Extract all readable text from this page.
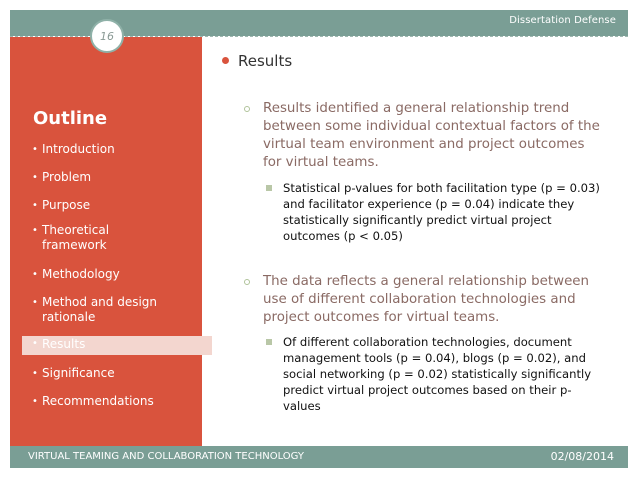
Dissertation Defense
16
Outline
• Introduction
• Problem
• Purpose
• Theoretical framework
• Methodology
• Method and design rationale
• Results
• Significance
• Recommendations
Results
Results identified a general relationship trend between some individual contextual factors of the virtual team environment and project outcomes for virtual teams.
Statistical p-values for both facilitation type (p = 0.03) and facilitator experience (p = 0.04) indicate they statistically significantly predict virtual project outcomes (p < 0.05)
The data reflects a general relationship between use of different collaboration technologies and project outcomes for virtual teams.
Of different collaboration technologies, document management tools (p = 0.04), blogs (p = 0.02), and social networking (p = 0.02) statistically significantly predict virtual project outcomes based on their p-values
VIRTUAL TEAMING AND COLLABORATION TECHNOLOGY	02/08/2014
